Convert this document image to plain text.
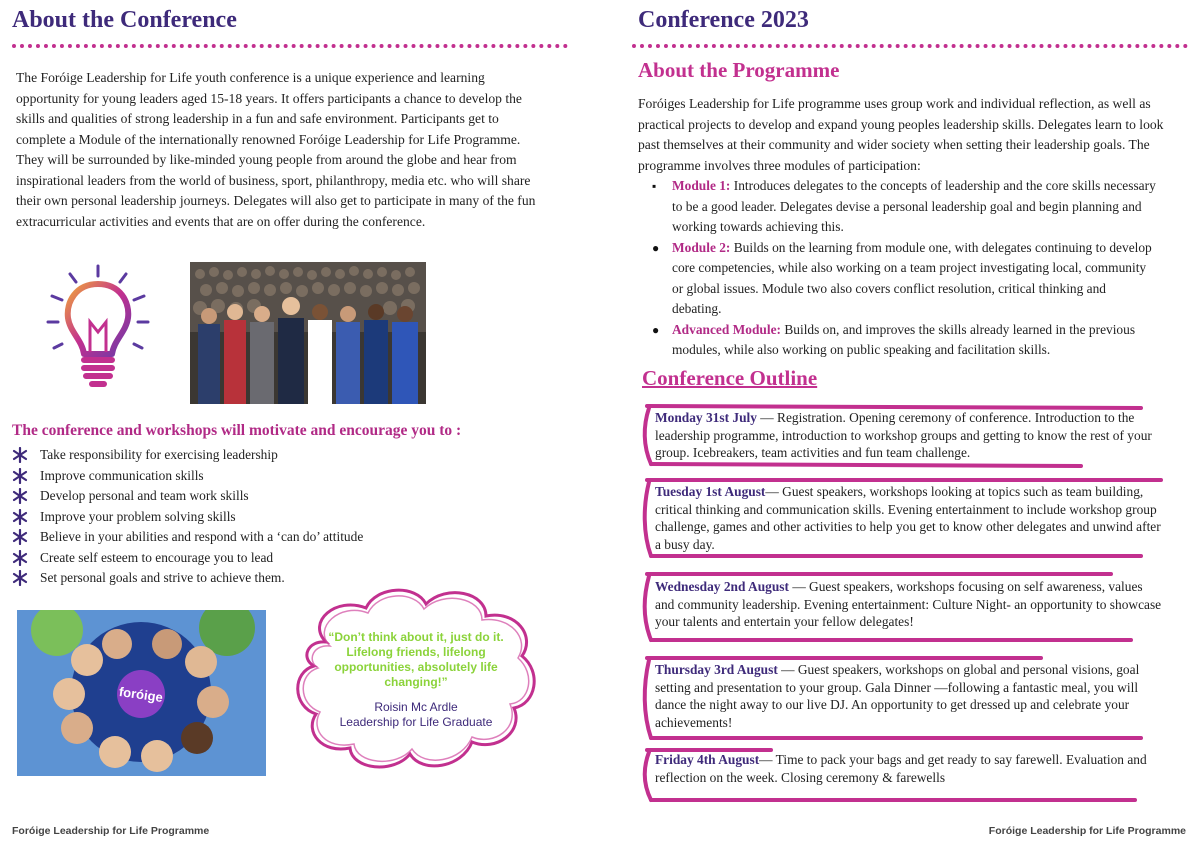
About the Conference
The Foróige Leadership for Life youth conference is a unique experience and learning opportunity for young leaders aged 15-18 years. It offers participants a chance to develop the skills and qualities of strong leadership in a fun and safe environment. Participants get to complete a Module of the internationally renowned Foróige Leadership for Life Programme. They will be surrounded by like-minded young people from around the globe and hear from inspirational leaders from the world of business, sport, philanthropy, media etc. who will share their own personal leadership journeys. Delegates will also get to participate in many of the fun extracurricular activities and events that are on offer during the conference.
The conference and workshops will motivate and encourage you to :
Take responsibility for exercising leadership
Improve communication skills
Develop personal and team work skills
Improve your problem solving skills
Believe in your abilities and respond with a ‘can do’ attitude
Create self esteem to encourage you to lead
Set personal goals and strive to achieve them.
foróige
“Don’t think about it, just do it. Lifelong friends, lifelong opportunities, absolutely life changing!”
Roisin Mc Ardle
Leadership for Life Graduate
Foróige Leadership for Life Programme
Conference 2023
About the Programme
Foróiges Leadership for Life programme uses group work and individual reflection, as well as practical projects to develop and expand young peoples leadership skills. Delegates learn to look past themselves at their community and wider society when setting their leadership goals. The programme involves three modules of participation:
▪ Module 1: Introduces delegates to the concepts of leadership and the core skills necessary to be a good leader. Delegates devise a personal leadership goal and begin planning and working towards achieving this.
● Module 2: Builds on the learning from module one, with delegates continuing to develop core competencies, while also working on a team project investigating local, community or global issues. Module two also covers conflict resolution, critical thinking and debating.
● Advanced Module: Builds on, and improves the skills already learned in the previous modules, while also working on public speaking and facilitation skills.
Conference Outline
Monday 31st July — Registration. Opening ceremony of conference. Introduction to the leadership programme, introduction to workshop groups and getting to know the rest of your group. Icebreakers, team activities and fun team challenge.
Tuesday 1st August— Guest speakers, workshops looking at topics such as team building, critical thinking and communication skills. Evening entertainment to include workshop group challenge, games and other activities to help you get to know other delegates and unwind after a busy day.
Wednesday 2nd August — Guest speakers, workshops focusing on self awareness, values and community leadership. Evening entertainment: Culture Night- an opportunity to showcase your talents and entertain your fellow delegates!
Thursday 3rd August — Guest speakers, workshops on global and personal visions, goal setting and presentation to your group. Gala Dinner —following a fantastic meal, you will dance the night away to our live DJ. An opportunity to get dressed up and celebrate your achievements!
Friday 4th August— Time to pack your bags and get ready to say farewell. Evaluation and reflection on the week. Closing ceremony & farewells
Foróige Leadership for Life Programme
